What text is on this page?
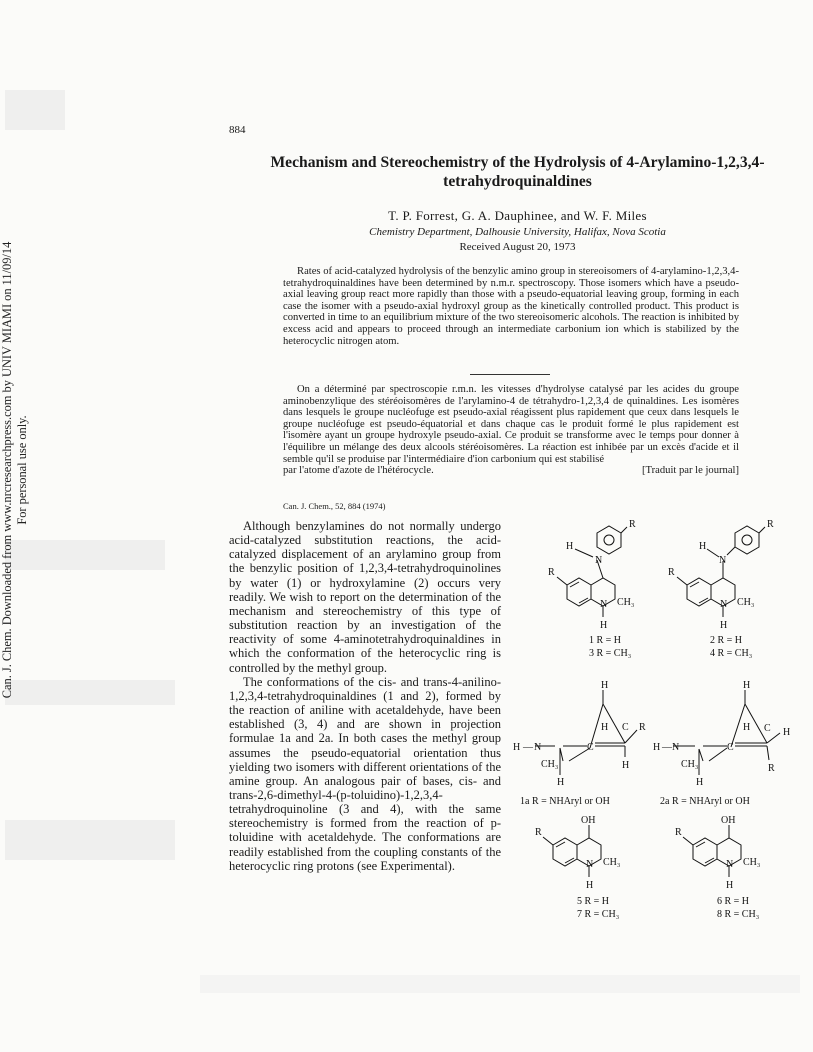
Can. J. Chem. Downloaded from www.nrcresearchpress.com by UNIV MIAMI on 11/09/14 For personal use only.
884
Mechanism and Stereochemistry of the Hydrolysis of 4-Arylamino-1,2,3,4-tetrahydroquinaldines
T. P. Forrest, G. A. Dauphinee, and W. F. Miles
Chemistry Department, Dalhousie University, Halifax, Nova Scotia
Received August 20, 1973
Rates of acid-catalyzed hydrolysis of the benzylic amino group in stereoisomers of 4-arylamino-1,2,3,4-tetrahydroquinaldines have been determined by n.m.r. spectroscopy. Those isomers which have a pseudo-axial leaving group react more rapidly than those with a pseudo-equatorial leaving group, forming in each case the isomer with a pseudo-axial hydroxyl group as the kinetically controlled product. This product is converted in time to an equilibrium mixture of the two stereoisomeric alcohols. The reaction is inhibited by excess acid and appears to proceed through an intermediate carbonium ion which is stabilized by the heterocyclic nitrogen atom.
On a déterminé par spectroscopie r.m.n. les vitesses d'hydrolyse catalysé par les acides du groupe aminobenzylique des stéréoisomères de l'arylamino-4 de tétrahydro-1,2,3,4 de quinaldines. Les isomères dans lesquels le groupe nucléofuge est pseudo-axial réagissent plus rapidement que ceux dans lesquels le groupe nucléofuge est pseudo-équatorial et dans chaque cas le produit formé le plus rapidement est l'isomère ayant un groupe hydroxyle pseudo-axial. Ce produit se transforme avec le temps pour donner à l'équilibre un mélange des deux alcools stéréoisomères. La réaction est inhibée par un excès d'acide et il semble qu'il se produise par l'intermédiaire d'ion carbonium qui est stabilisé
par l'atome d'azote de l'hétérocycle.	[Traduit par le journal]
Can. J. Chem., 52, 884 (1974)

Although benzylamines do not normally undergo acid-catalyzed substitution reactions, the acid-catalyzed displacement of an arylamino group from the benzylic position of 1,2,3,4-tetrahydroquinolines by water (1) or hydroxylamine (2) occurs very readily. We wish to report on the determination of the mechanism and stereochemistry of this type of substitution reaction by an investigation of the reactivity of some 4-aminotetrahydroquinaldines in which the conformation of the heterocyclic ring is controlled by the methyl group.

The conformations of the cis- and trans-4-anilino-1,2,3,4-tetrahydroquinaldines (1 and 2), formed by the reaction of aniline with acetaldehyde, have been established (3, 4) and are shown in projection formulae 1a and 2a. In both cases the methyl group assumes the pseudo-equatorial orientation thus yielding two isomers with different orientations of the amine group. An analogous pair of bases, cis- and trans-2,6-dimethyl-4-(p-toluidino)-1,2,3,4-tetrahydroquinoline (3 and 4), with the same stereochemistry is formed from the reaction of p-toluidine with acetaldehyde. The conformations are readily established from the coupling constants of the heterocyclic ring protons (see Experimental).

N
H
R
R
N CH₃
H
1 R = H
3 R = CH₃
N
H
R
R
N CH₃
H
2 R = H
4 R = CH₃
H — N	C
H
H C R
H
CH₃
H
1a R = NHAryl or OH
H — N	C
H
H C H
R
CH₃
H
2a R = NHAryl or OH
OH
R
N CH₃
H
5 R = H
7 R = CH₃
OH
R
N CH₃
H
6 R = H
8 R = CH₃
